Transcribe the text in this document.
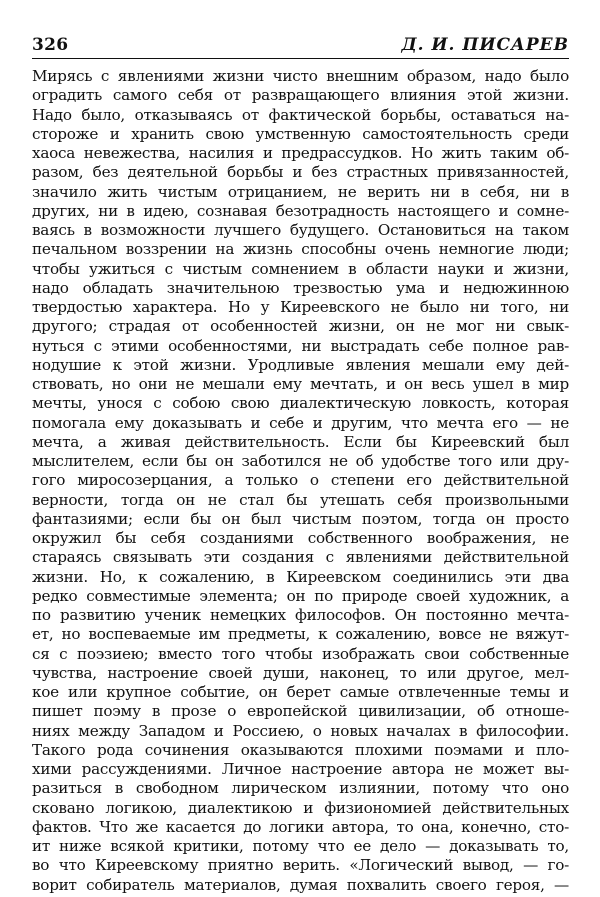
326	Д. И. ПИСАРЕВ
Мирясь с явлениями жизни чисто внешним образом, надо было
оградить самого себя от развращающего влияния этой жизни.
Надо было, отказываясь от фактической борьбы, оставаться на-
стороже и хранить свою умственную самостоятельность среди
хаоса невежества, насилия и предрассудков. Но жить таким об-
разом, без деятельной борьбы и без страстных привязанностей,
значило жить чистым отрицанием, не верить ни в себя, ни в
других, ни в идею, сознавая безотрадность настоящего и сомне-
ваясь в возможности лучшего будущего. Остановиться на таком
печальном воззрении на жизнь способны очень немногие люди;
чтобы ужиться с чистым сомнением в области науки и жизни,
надо обладать значительною трезвостью ума и недюжинною
твердостью характера. Но у Киреевского не было ни того, ни
другого; страдая от особенностей жизни, он не мог ни свык-
нуться с этими особенностями, ни выстрадать себе полное рав-
нодушие к этой жизни. Уродливые явления мешали ему дей-
ствовать, но они не мешали ему мечтать, и он весь ушел в мир
мечты, унося с собою свою диалектическую ловкость, которая
помогала ему доказывать и себе и другим, что мечта его — не
мечта, а живая действительность. Если бы Киреевский был
мыслителем, если бы он заботился не об удобстве того или дру-
гого миросозерцания, а только о степени его действительной
верности, тогда он не стал бы утешать себя произвольными
фантазиями; если бы он был чистым поэтом, тогда он просто
окружил бы себя созданиями собственного воображения, не
стараясь связывать эти создания с явлениями действительной
жизни. Но, к сожалению, в Киреевском соединились эти два
редко совместимые элемента; он по природе своей художник, а
по развитию ученик немецких философов. Он постоянно мечта-
ет, но воспеваемые им предметы, к сожалению, вовсе не вяжут-
ся с поэзиею; вместо того чтобы изображать свои собственные
чувства, настроение своей души, наконец, то или другое, мел-
кое или крупное событие, он берет самые отвлеченные темы и
пишет поэму в прозе о европейской цивилизации, об отноше-
ниях между Западом и Россиею, о новых началах в философии.
Такого рода сочинения оказываются плохими поэмами и пло-
хими рассуждениями. Личное настроение автора не может вы-
разиться в свободном лирическом излиянии, потому что оно
сковано логикою, диалектикою и физиономией действительных
фактов. Что же касается до логики автора, то она, конечно, сто-
ит ниже всякой критики, потому что ее дело — доказывать то,
во что Киреевскому приятно верить. «Логический вывод, — го-
ворит собиратель материалов, думая похвалить своего героя, —
